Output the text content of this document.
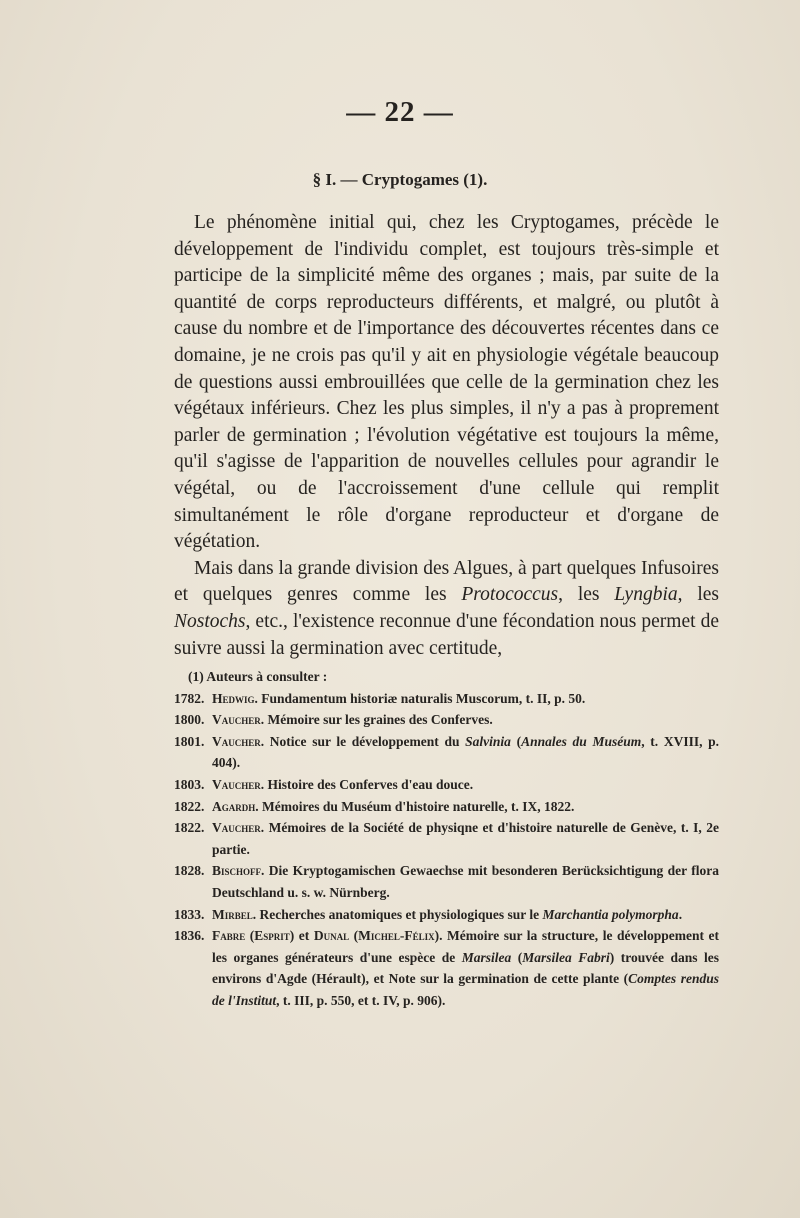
— 22 —
§ I. — Cryptogames (1).

Le phénomène initial qui, chez les Cryptogames, précède le développement de l'individu complet, est toujours très-simple et participe de la simplicité même des organes ; mais, par suite de la quantité de corps reproducteurs différents, et malgré, ou plutôt à cause du nombre et de l'importance des découvertes récentes dans ce domaine, je ne crois pas qu'il y ait en physiologie végétale beaucoup de questions aussi embrouillées que celle de la germination chez les végétaux inférieurs. Chez les plus simples, il n'y a pas à proprement parler de germination ; l'évolution végétative est toujours la même, qu'il s'agisse de l'apparition de nouvelles cellules pour agrandir le végétal, ou de l'accroissement d'une cellule qui remplit simultanément le rôle d'organe reproducteur et d'organe de végétation.

Mais dans la grande division des Algues, à part quelques Infusoires et quelques genres comme les Protococcus, les Lyngbia, les Nostochs, etc., l'existence reconnue d'une fécondation nous permet de suivre aussi la germination avec certitude,

(1) Auteurs à consulter :
1782. Hedwig. Fundamentum historiæ naturalis Muscorum, t. II, p. 50.
1800. Vaucher. Mémoire sur les graines des Conferves.
1801. Vaucher. Notice sur le développement du Salvinia (Annales du Muséum, t. XVIII, p. 404).
1803. Vaucher. Histoire des Conferves d'eau douce.
1822. Agardh. Mémoires du Muséum d'histoire naturelle, t. IX, 1822.
1822. Vaucher. Mémoires de la Société de physiqne et d'histoire naturelle de Genève, t. I, 2e partie.
1828. Bischoff. Die Kryptogamischen Gewaechse mit besonderen Berücksichtigung der flora Deutschland u. s. w. Nürnberg.
1833. Mirbel. Recherches anatomiques et physiologiques sur le Marchantia polymorpha.
1836. Fabre (Esprit) et Dunal (Michel-Félix). Mémoire sur la structure, le développement et les organes générateurs d'une espèce de Marsilea (Marsilea Fabri) trouvée dans les environs d'Agde (Hérault), et Note sur la germination de cette plante (Comptes rendus de l'Institut, t. III, p. 550, et t. IV, p. 906).
